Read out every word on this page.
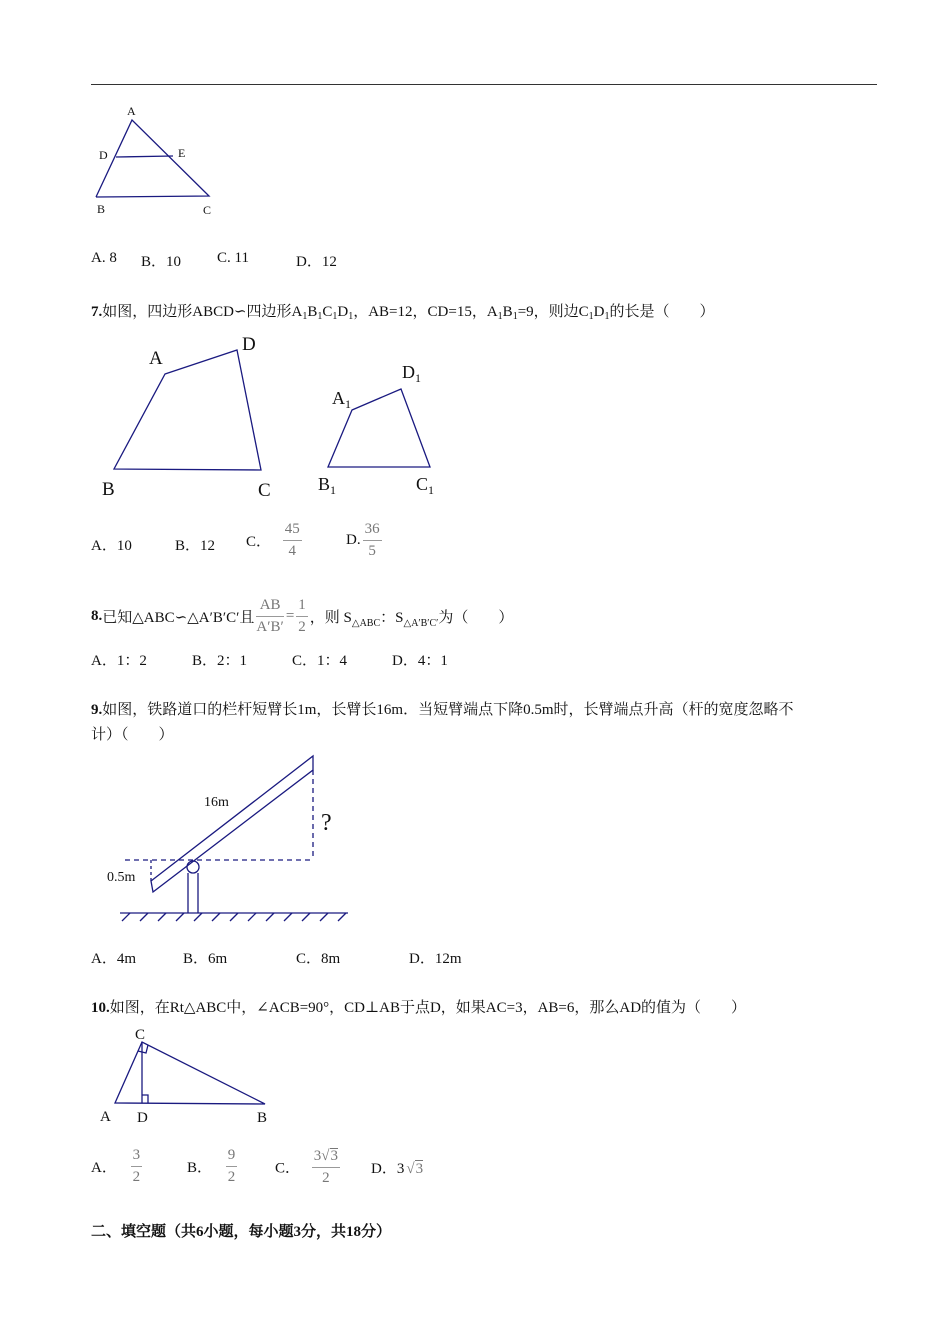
A
D	E
B	C
A. 8 B．10 C. 11	D．12
7.如图，四边形ABCD∽四边形$A_1B_1C_1D_1$，AB=12，CD=15，$A_1B_1=9$，则边$C_1D_1$的长是（　　）
A
D
B	C
$A_1$
$D_1$
$B_1$	$C_1$
A．10	B．12 C． $\frac{45}{4}$	D. $\frac{36}{5}$
8.已知△ABC∽△A′B′C′且 $\frac{AB}{A'B'} = \frac{1}{2}$ ，则 $S_{\triangle ABC}$：$S_{\triangle A'B'C'}$为（　　）
A．1：2	B．2：1	C．1：4	D．4：1
9.如图，铁路道口的栏杆短臂长1m，长臂长16m．当短臂端点下降0.5m时，长臂端点升高（杆的宽度忽略不
计）（　　）
16m
0.5m
?
A．4m	B．6m	C．8m	D．12m
10.如图，在Rt△ABC中，∠ACB=90°，CD⊥AB于点D，如果AC=3，AB=6，那么AD的值为（　　）
C
A D	B
A． $\frac{3}{2}$	B． $\frac{9}{2}$	C． $\frac{3√3}{2}$ D．3 √3
二、填空题（共6小题，每小题3分，共18分）
